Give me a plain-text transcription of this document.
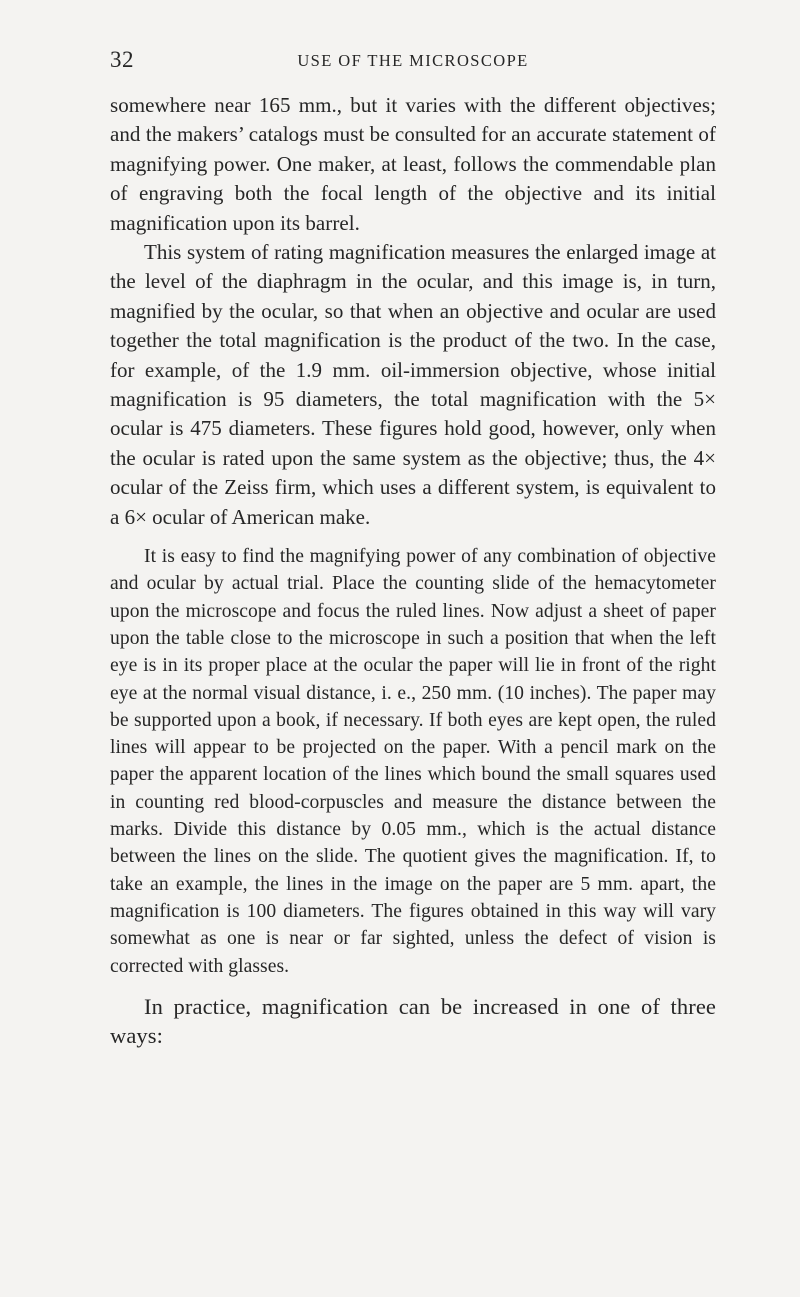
32	USE OF THE MICROSCOPE

somewhere near 165 mm., but it varies with the different objectives; and the makers’ catalogs must be consulted for an accurate statement of magnifying power. One maker, at least, follows the commendable plan of engraving both the focal length of the objective and its initial magnification upon its barrel.

This system of rating magnification measures the enlarged image at the level of the diaphragm in the ocular, and this image is, in turn, magnified by the ocular, so that when an objective and ocular are used together the total magnification is the product of the two. In the case, for example, of the 1.9 mm. oil-immersion objective, whose initial magnification is 95 diameters, the total magnification with the 5× ocular is 475 diameters. These figures hold good, however, only when the ocular is rated upon the same system as the objective; thus, the 4× ocular of the Zeiss firm, which uses a different system, is equivalent to a 6× ocular of American make.

It is easy to find the magnifying power of any combination of objective and ocular by actual trial. Place the counting slide of the hemacytometer upon the microscope and focus the ruled lines. Now adjust a sheet of paper upon the table close to the microscope in such a position that when the left eye is in its proper place at the ocular the paper will lie in front of the right eye at the normal visual distance, i. e., 250 mm. (10 inches). The paper may be supported upon a book, if necessary. If both eyes are kept open, the ruled lines will appear to be projected on the paper. With a pencil mark on the paper the apparent location of the lines which bound the small squares used in counting red blood-corpuscles and measure the distance between the marks. Divide this distance by 0.05 mm., which is the actual distance between the lines on the slide. The quotient gives the magnification. If, to take an example, the lines in the image on the paper are 5 mm. apart, the magnification is 100 diameters. The figures obtained in this way will vary somewhat as one is near or far sighted, unless the defect of vision is corrected with glasses.

In practice, magnification can be increased in one of three ways:
